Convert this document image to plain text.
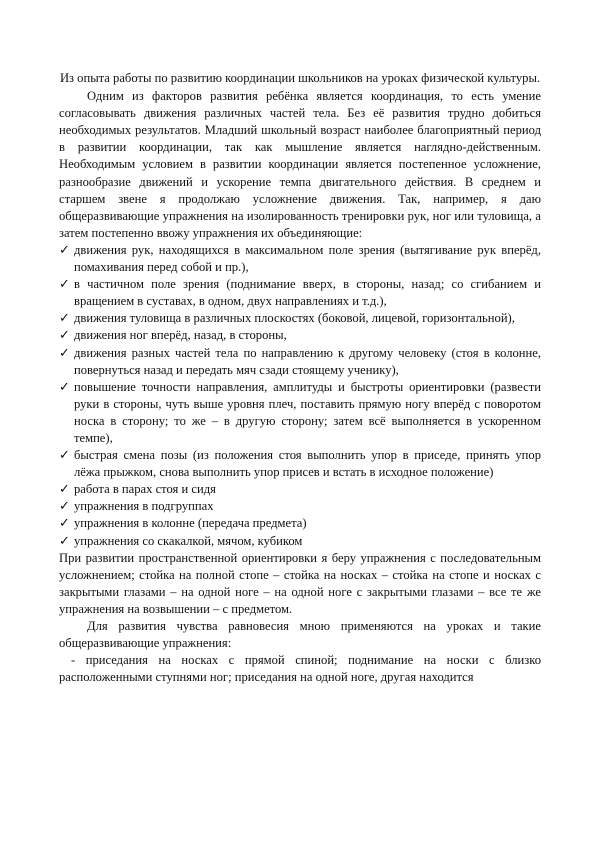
Из опыта работы по развитию координации школьников на уроках физической культуры.

Одним из факторов развития ребёнка является координация, то есть умение согласовывать движения различных частей тела. Без её развития трудно добиться необходимых результатов. Младший школьный возраст наиболее благоприятный период в развитии координации, так как мышление является наглядно-действенным. Необходимым условием в развитии координации является постепенное усложнение, разнообразие движений и ускорение темпа двигательного действия. В среднем и старшем звене я продолжаю усложнение движения. Так, например, я даю общеразвивающие упражнения на изолированность тренировки рук, ног или туловища, а затем постепенно ввожу упражнения их объединяющие:

✓ движения рук, находящихся в максимальном поле зрения (вытягивание рук вперёд, помахивания перед собой и пр.),
✓ в частичном поле зрения (поднимание вверх, в стороны, назад; со сгибанием и вращением в суставах, в одном, двух направлениях и т.д.),
✓ движения туловища в различных плоскостях (боковой, лицевой, горизонтальной),
✓ движения ног вперёд, назад, в стороны,
✓ движения разных частей тела по направлению к другому человеку (стоя в колонне, повернуться назад и передать мяч сзади стоящему ученику),
✓ повышение точности направления, амплитуды и быстроты ориентировки (развести руки в стороны, чуть выше уровня плеч, поставить прямую ногу вперёд с поворотом носка в сторону; то же – в другую сторону; затем всё выполняется в ускоренном темпе),
✓ быстрая смена позы (из положения стоя выполнить упор в приседе, принять упор лёжа прыжком, снова выполнить упор присев и встать в исходное положение)
✓ работа в парах стоя и сидя
✓ упражнения в подгруппах
✓ упражнения в колонне (передача предмета)
✓ упражнения со скакалкой, мячом, кубиком

При развитии пространственной ориентировки я беру упражнения с последовательным усложнением; стойка на полной стопе – стойка на носках – стойка на стопе и носках с закрытыми глазами – на одной ноге – на одной ноге с закрытыми глазами – все те же упражнения на возвышении – с предметом.

Для развития чувства равновесия мною применяются на уроках и такие общеразвивающие упражнения:

- приседания на носках с прямой спиной; поднимание на носки с близко расположенными ступнями ног; приседания на одной ноге, другая находится
